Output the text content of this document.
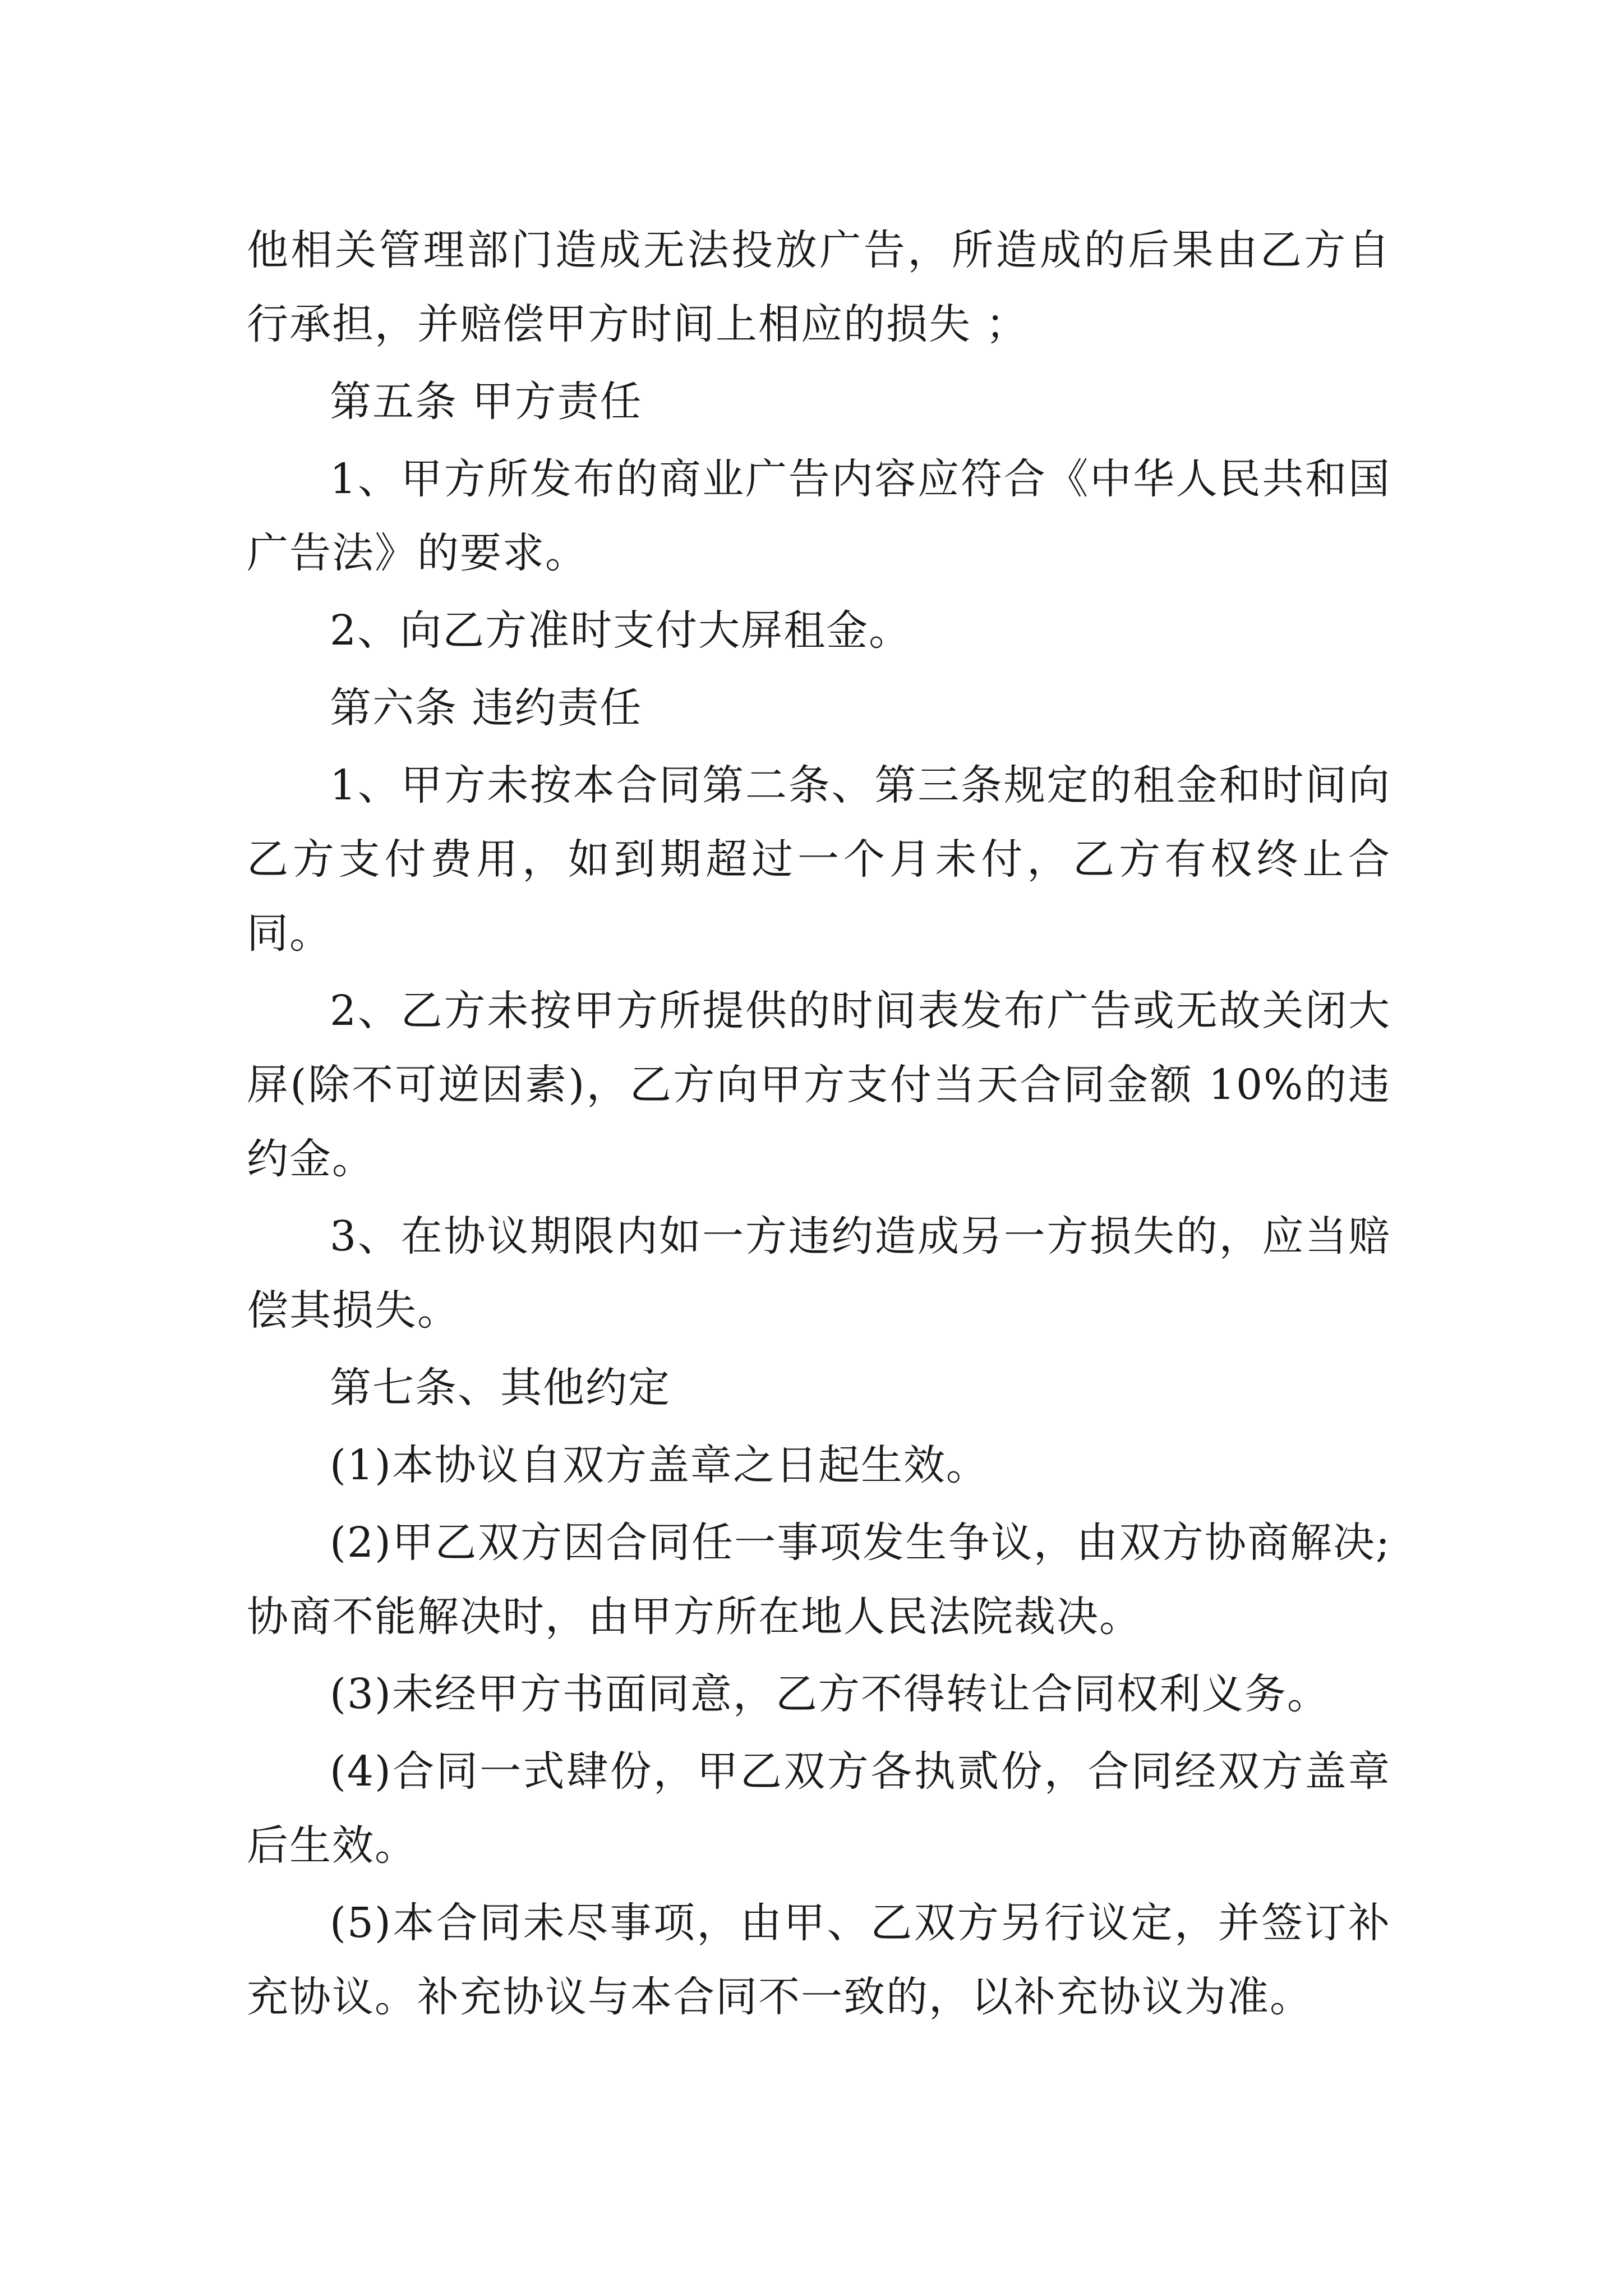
他相关管理部门造成无法投放广告，所造成的后果由乙方自行承担，并赔偿甲方时间上相应的损失 ；

第五条 甲方责任

1、甲方所发布的商业广告内容应符合《中华人民共和国广告法》的要求。

2、向乙方准时支付大屏租金。

第六条 违约责任

1、甲方未按本合同第二条、第三条规定的租金和时间向乙方支付费用，如到期超过一个月未付，乙方有权终止合同。

2、乙方未按甲方所提供的时间表发布广告或无故关闭大屏(除不可逆因素)，乙方向甲方支付当天合同金额 10%的违约金。

3、在协议期限内如一方违约造成另一方损失的，应当赔偿其损失。

第七条、其他约定

(1)本协议自双方盖章之日起生效。

(2)甲乙双方因合同任一事项发生争议，由双方协商解决;协商不能解决时，由甲方所在地人民法院裁决。

(3)未经甲方书面同意，乙方不得转让合同权利义务。

(4)合同一式肆份，甲乙双方各执贰份，合同经双方盖章后生效。

(5)本合同未尽事项，由甲、乙双方另行议定，并签订补充协议。补充协议与本合同不一致的，以补充协议为准。
